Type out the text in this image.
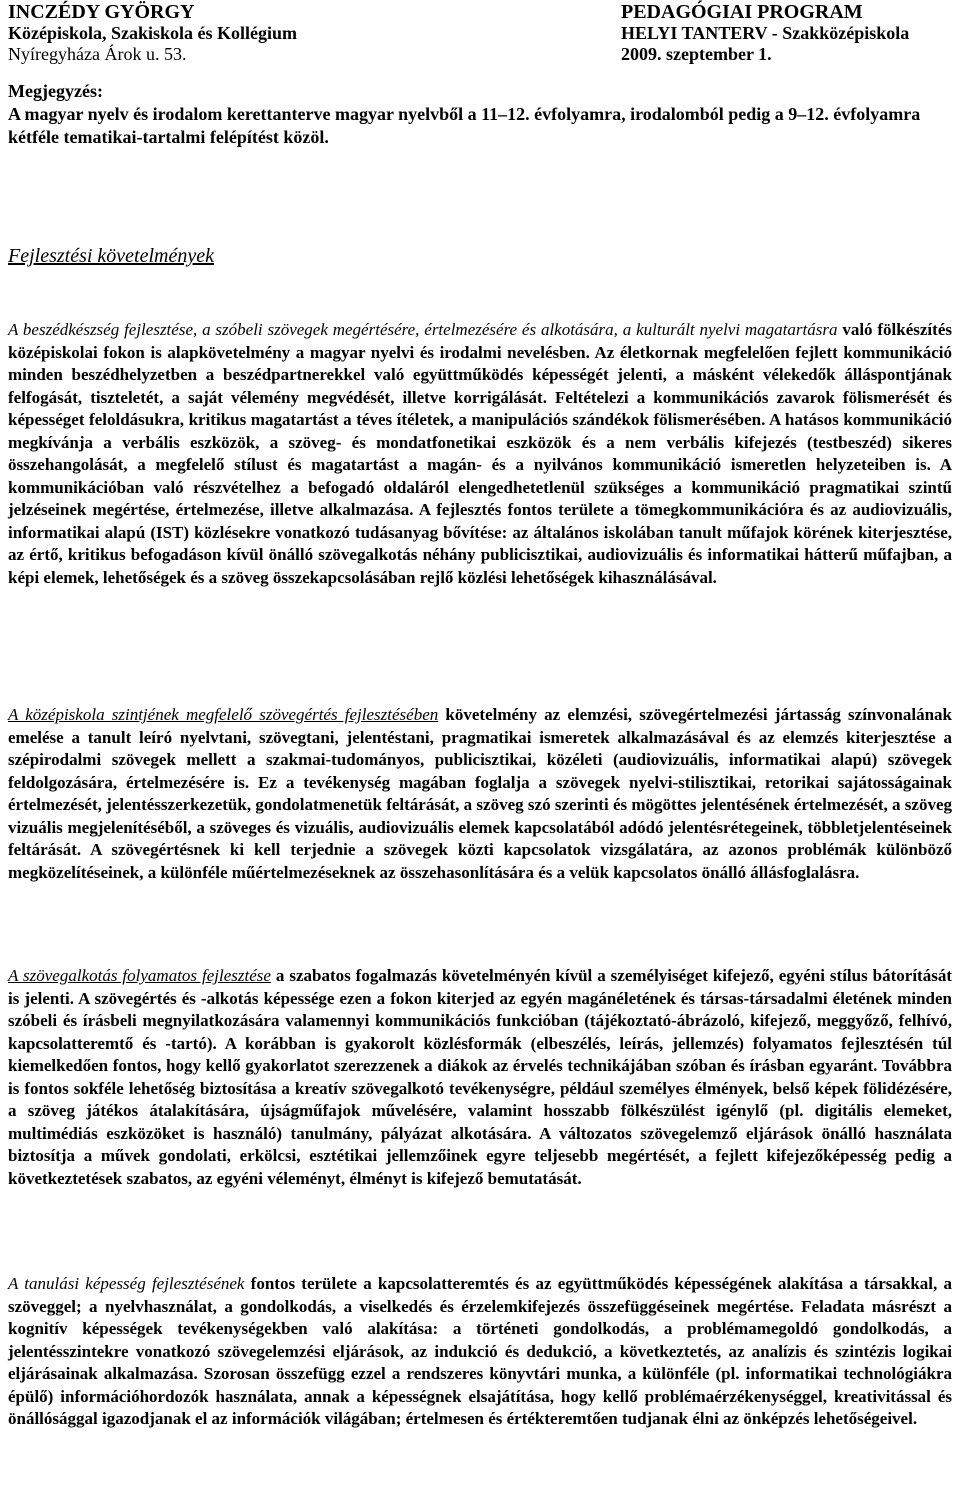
INCZÉDY GYÖRGY
Középiskola, Szakiskola és Kollégium
Nyíregyháza Árok u. 53.
PEDAGÓGIAI PROGRAM
HELYI TANTERV - Szakközépiskola
2009. szeptember 1.
Megjegyzés:
A magyar nyelv és irodalom kerettanterve magyar nyelvből a 11–12. évfolyamra, irodalomból pedig a 9–12. évfolyamra kétféle tematikai-tartalmi felépítést közöl.
Fejlesztési követelmények
A beszédkészség fejlesztése, a szóbeli szövegek megértésére, értelmezésére és alkotására, a kulturált nyelvi magatartásra való fölkészítés középiskolai fokon is alapkövetelmény a magyar nyelvi és irodalmi nevelésben. Az életkornak megfelelően fejlett kommunikáció minden beszédhelyzetben a beszédpartnerekkel való együttműködés képességét jelenti, a másként vélekedők álláspontjának felfogását, tiszteletét, a saját vélemény megvédését, illetve korrigálását. Feltételezi a kommunikációs zavarok fölismerését és képességet feloldásukra, kritikus magatartást a téves ítéletek, a manipulációs szándékok fölismerésében. A hatásos kommunikáció megkívánja a verbális eszközök, a szöveg- és mondatfonetikai eszközök és a nem verbális kifejezés (testbeszéd) sikeres összehangolását, a megfelelő stílust és magatartást a magán- és a nyilvános kommunikáció ismeretlen helyzeteiben is. A kommunikációban való részvételhez a befogadó oldaláról elengedhetetlenül szükséges a kommunikáció pragmatikai szintű jelzéseinek megértése, értelmezése, illetve alkalmazása. A fejlesztés fontos területe a tömegkommunikációra és az audiovizuális, informatikai alapú (IST) közlésekre vonatkozó tudásanyag bővítése: az általános iskolában tanult műfajok körének kiterjesztése, az értő, kritikus befogadáson kívül önálló szövegalkotás néhány publicisztikai, audiovizuális és informatikai hátterű műfajban, a képi elemek, lehetőségek és a szöveg összekapcsolásában rejlő közlési lehetőségek kihasználásával.
A középiskola szintjének megfelelő szövegértés fejlesztésében követelmény az elemzési, szövegértelmezési jártasság színvonalának emelése a tanult leíró nyelvtani, szövegtani, jelentéstani, pragmatikai ismeretek alkalmazásával és az elemzés kiterjesztése a szépirodalmi szövegek mellett a szakmai-tudományos, publicisztikai, közéleti (audiovizuális, informatikai alapú) szövegek feldolgozására, értelmezésére is. Ez a tevékenység magában foglalja a szövegek nyelvi-stilisztikai, retorikai sajátosságainak értelmezését, jelentésszerkezetük, gondolatmenetük feltárását, a szöveg szó szerinti és mögöttes jelentésének értelmezését, a szöveg vizuális megjelenítéséből, a szöveges és vizuális, audiovizuális elemek kapcsolatából adódó jelentésrétegeinek, többletjelentéseinek feltárását. A szövegértésnek ki kell terjednie a szövegek közti kapcsolatok vizsgálatára, az azonos problémák különböző megközelítéseinek, a különféle műértelmezéseknek az összehasonlítására és a velük kapcsolatos önálló állásfoglalásra.
A szövegalkotás folyamatos fejlesztése a szabatos fogalmazás követelményén kívül a személyiséget kifejező, egyéni stílus bátorítását is jelenti. A szövegértés és -alkotás képessége ezen a fokon kiterjed az egyén magánéletének és társas-társadalmi életének minden szóbeli és írásbeli megnyilatkozására valamennyi kommunikációs funkcióban (tájékoztató-ábrázoló, kifejező, meggyőző, felhívó, kapcsolatteremtő és -tartó). A korábban is gyakorolt közlésformák (elbeszélés, leírás, jellemzés) folyamatos fejlesztésén túl kiemelkedően fontos, hogy kellő gyakorlatot szerezzenek a diákok az érvelés technikájában szóban és írásban egyaránt. Továbbra is fontos sokféle lehetőség biztosítása a kreatív szövegalkotó tevékenységre, például személyes élmények, belső képek fölidézésére, a szöveg játékos átalakítására, újságműfajok művelésére, valamint hosszabb fölkészülést igénylő (pl. digitális elemeket, multimédiás eszközöket is használó) tanulmány, pályázat alkotására. A változatos szövegelemző eljárások önálló használata biztosítja a művek gondolati, erkölcsi, esztétikai jellemzőinek egyre teljesebb megértését, a fejlett kifejezőképesség pedig a következtetések szabatos, az egyéni véleményt, élményt is kifejező bemutatását.
A tanulási képesség fejlesztésének fontos területe a kapcsolatteremtés és az együttműködés képességének alakítása a társakkal, a szöveggel; a nyelvhasználat, a gondolkodás, a viselkedés és érzelemkifejezés összefüggéseinek megértése. Feladata másrészt a kognitív képességek tevékenységekben való alakítása: a történeti gondolkodás, a problémamegoldó gondolkodás, a jelentésszintekre vonatkozó szövegelemzési eljárások, az indukció és dedukció, a következtetés, az analízis és szintézis logikai eljárásainak alkalmazása. Szorosan összefügg ezzel a rendszeres könyvtári munka, a különféle (pl. informatikai technológiákra épülő) információhordozók használata, annak a képességnek elsajátítása, hogy kellő problémaérzékenységgel, kreativitással és önállósággal igazodjanak el az információk világában; értelmesen és értékteremtően tudjanak élni az önképzés lehetőségeivel.
